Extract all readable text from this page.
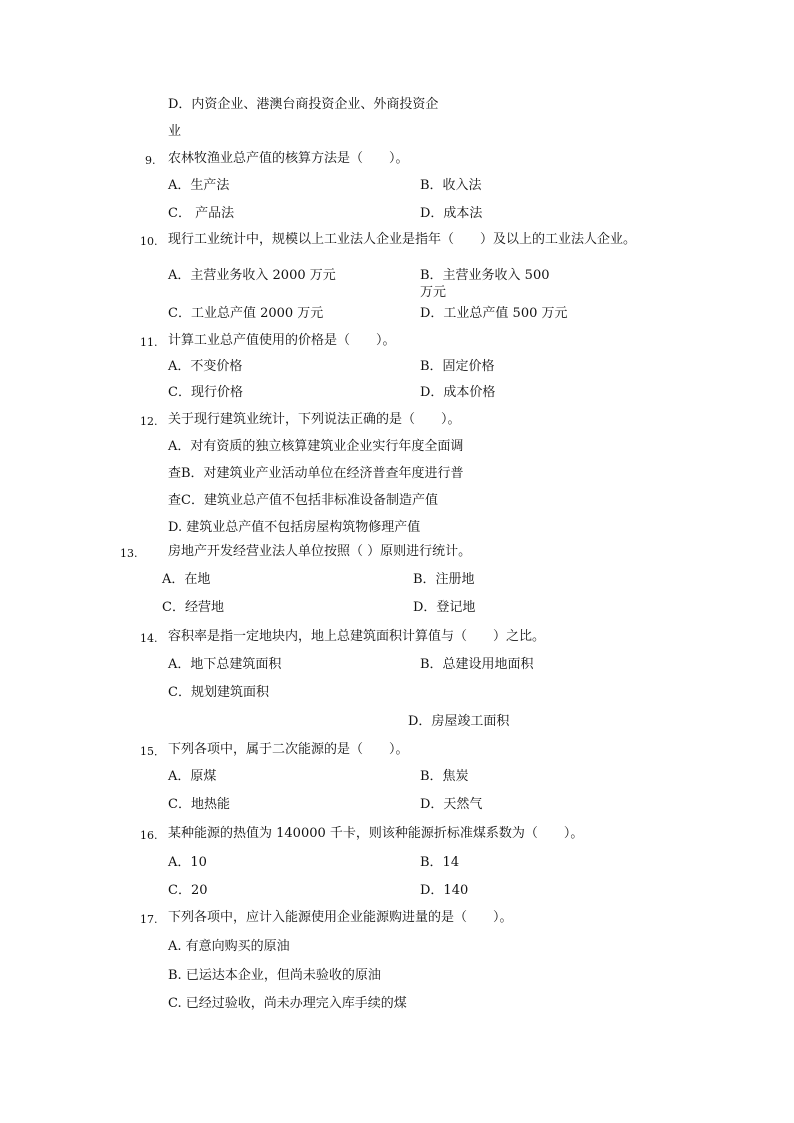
D．内资企业、港澳台商投资企业、外商投资企
业
9. 农林牧渔业总产值的核算方法是（　　）。
A．生产法	B．收入法
C． 产品法	D．成本法
10. 现行工业统计中，规模以上工业法人企业是指年（　　）及以上的工业法人企业。
A．主营业务收入 2000 万元	B．主营业务收入 500
万元
C．工业总产值 2000 万元	D．工业总产值 500 万元
11. 计算工业总产值使用的价格是（　　）。
A．不变价格	B．固定价格
C．现行价格	D．成本价格
12. 关于现行建筑业统计，下列说法正确的是（　　）。
A．对有资质的独立核算建筑业企业实行年度全面调
查B．对建筑业产业活动单位在经济普查年度进行普
查C．建筑业总产值不包括非标准设备制造产值
D. 建筑业总产值不包括房屋构筑物修理产值
13. 房地产开发经营业法人单位按照（ ）原则进行统计。
A．在地	B．注册地
C．经营地	D．登记地
14. 容积率是指一定地块内，地上总建筑面积计算值与（　　）之比。
A．地下总建筑面积	B．总建设用地面积
C．规划建筑面积
D．房屋竣工面积
15． 下列各项中，属于二次能源的是（　　）。
A．原煤	B．焦炭
C．地热能	D．天然气
16. 某种能源的热值为 140000 千卡，则该种能源折标准煤系数为（　　）。
A．10	B．14
C．20	D．140
17. 下列各项中，应计入能源使用企业能源购进量的是（　　）。
A. 有意向购买的原油
B. 已运达本企业，但尚未验收的原油
C. 已经过验收，尚未办理完入库手续的煤
